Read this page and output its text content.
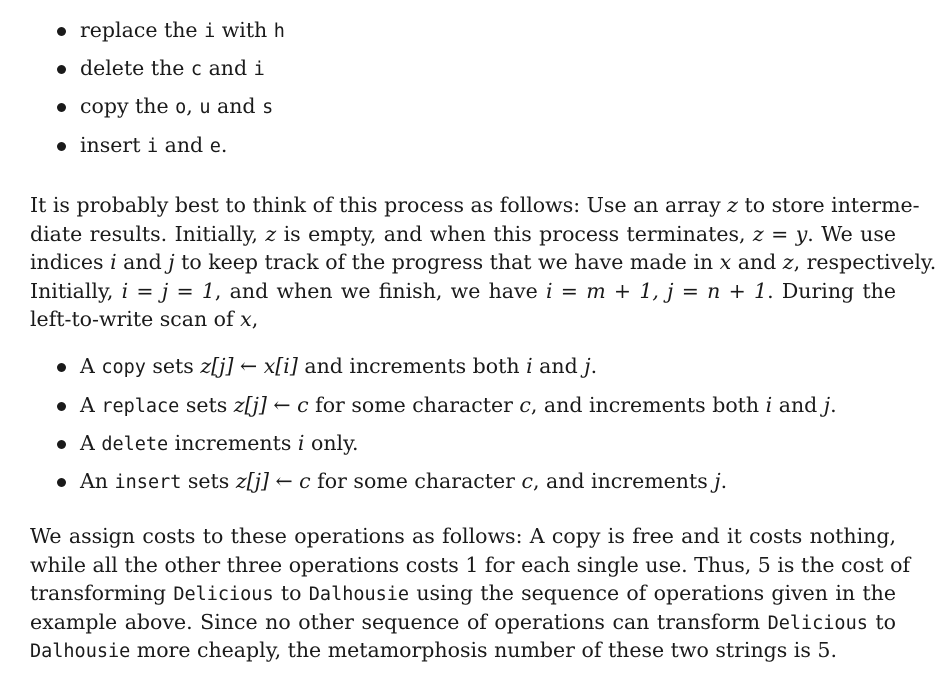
replace the i with h
delete the c and i
copy the o, u and s
insert i and e.
It is probably best to think of this process as follows: Use an array z to store interme-
diate results. Initially, z is empty, and when this process terminates, z = y. We use
indices i and j to keep track of the progress that we have made in x and z, respectively.
Initially, i = j = 1, and when we finish, we have i = m + 1, j = n + 1. During the
left-to-write scan of x,
A copy sets z[j] ← x[i] and increments both i and j.
A replace sets z[j] ← c for some character c, and increments both i and j.
A delete increments i only.
An insert sets z[j] ← c for some character c, and increments j.
We assign costs to these operations as follows: A copy is free and it costs nothing,
while all the other three operations costs 1 for each single use. Thus, 5 is the cost of
transforming Delicious to Dalhousie using the sequence of operations given in the
example above. Since no other sequence of operations can transform Delicious to
Dalhousie more cheaply, the metamorphosis number of these two strings is 5.
